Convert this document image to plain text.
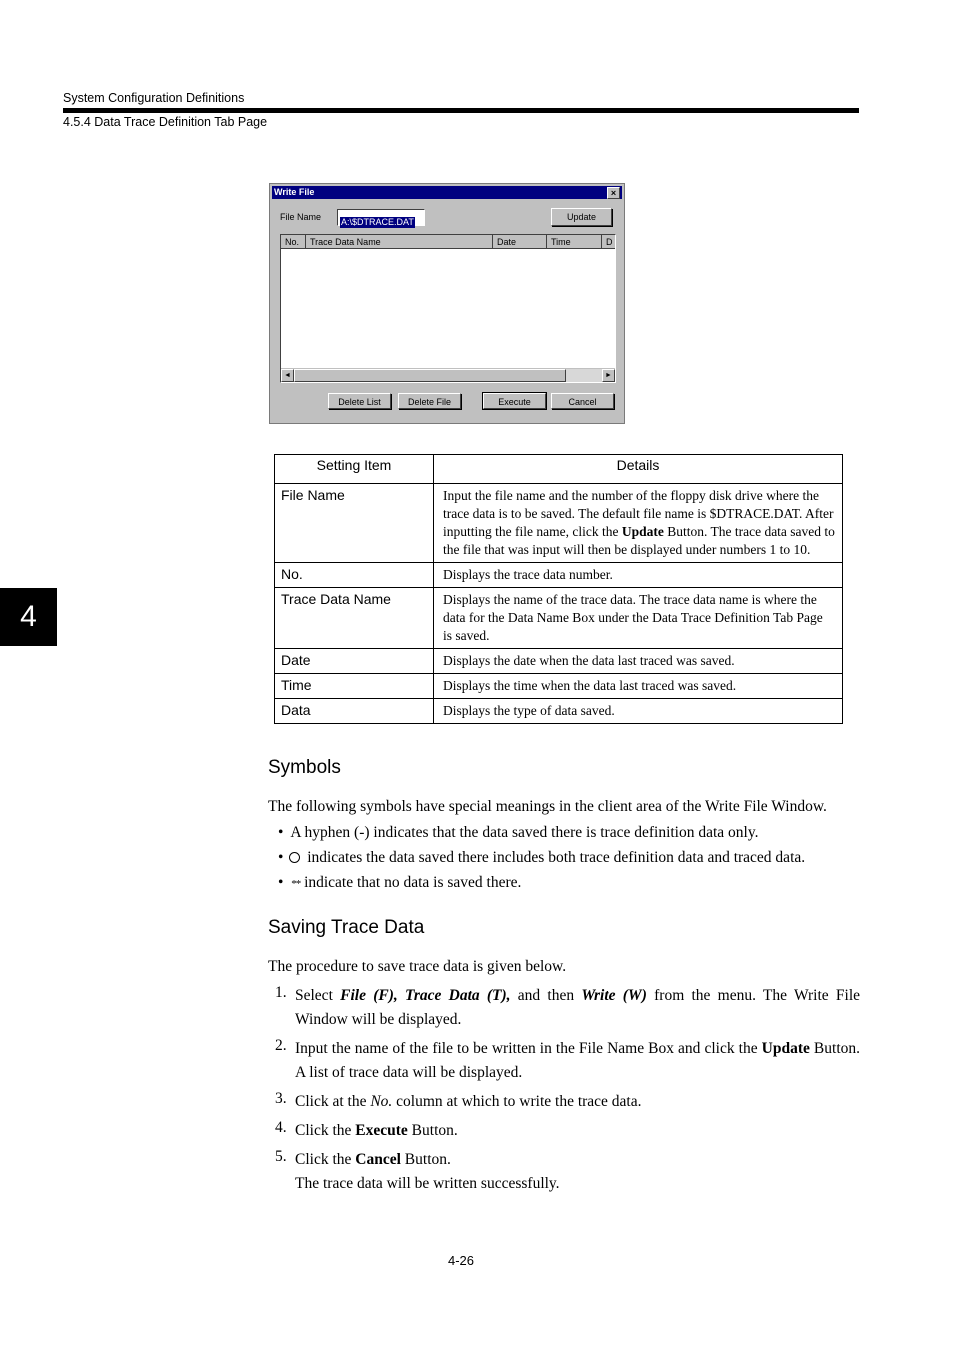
System Configuration Definitions
4.5.4 Data Trace Definition Tab Page
4
Write File	×
File Name	A:\$DTRACE.DAT	Update
No.	Trace Data Name	Date	Time	D
◄	►
Delete List	Delete File	Execute	Cancel
Setting Item	Details
File Name	Input the file name and the number of the floppy disk drive where the trace data is to be saved. The default file name is $DTRACE.DAT. After inputting the file name, click the Update Button. The trace data saved to the file that was input will then be displayed under numbers 1 to 10.
No.	Displays the trace data number.
Trace Data Name	Displays the name of the trace data. The trace data name is where the data for the Data Name Box under the Data Trace Definition Tab Page is saved.
Date	Displays the date when the data last traced was saved.
Time	Displays the time when the data last traced was saved.
Data	Displays the type of data saved.
Symbols
The following symbols have special meanings in the client area of the Write File Window.
• A hyphen (-) indicates that the data saved there is trace definition data only.
• indicates the data saved there includes both trace definition data and traced data.
• ** indicate that no data is saved there.
Saving Trace Data
The procedure to save trace data is given below.
1. Select File (F), Trace Data (T), and then Write (W) from the menu. The Write File Window will be displayed.
2. Input the name of the file to be written in the File Name Box and click the Update Button. A list of trace data will be displayed.
3. Click at the No. column at which to write the trace data.
4. Click the Execute Button.
5. Click the Cancel Button.
The trace data will be written successfully.
4-26
